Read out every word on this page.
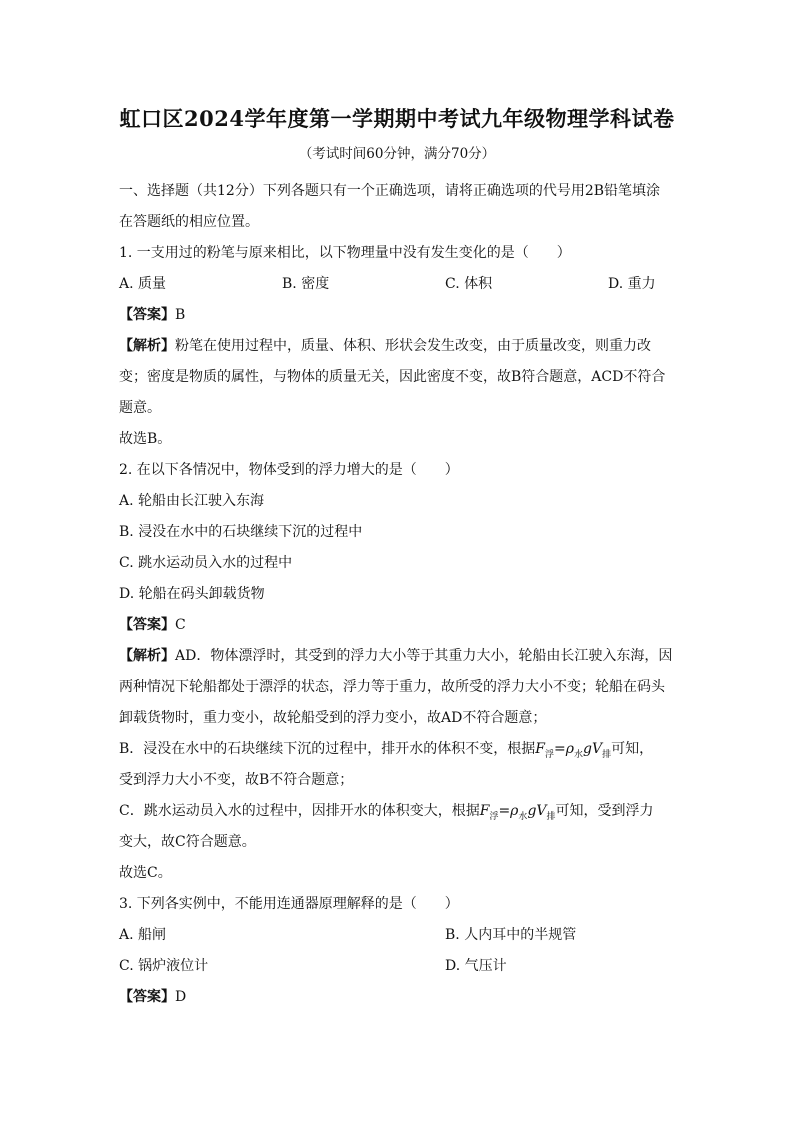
虹口区2024学年度第一学期期中考试九年级物理学科试卷
（考试时间60分钟，满分70分）
一、选择题（共12分）下列各题只有一个正确选项，请将正确选项的代号用2B铅笔填涂
在答题纸的相应位置。
1. 一支用过的粉笔与原来相比，以下物理量中没有发生变化的是（　　）
A. 质量	B. 密度	C. 体积	D. 重力
【答案】B
【解析】粉笔在使用过程中，质量、体积、形状会发生改变，由于质量改变，则重力改
变；密度是物质的属性，与物体的质量无关，因此密度不变，故B符合题意，ACD不符合
题意。
故选B。
2. 在以下各情况中，物体受到的浮力增大的是（　　）
A. 轮船由长江驶入东海
B. 浸没在水中的石块继续下沉的过程中
C. 跳水运动员入水的过程中
D. 轮船在码头卸载货物
【答案】C
【解析】AD．物体漂浮时，其受到的浮力大小等于其重力大小，轮船由长江驶入东海，因
两种情况下轮船都处于漂浮的状态，浮力等于重力，故所受的浮力大小不变；轮船在码头
卸载货物时，重力变小，故轮船受到的浮力变小，故AD不符合题意；
B．浸没在水中的石块继续下沉的过程中，排开水的体积不变，根据$F_浮=\rho_水gV_排$可知，
受到浮力大小不变，故B不符合题意；
C．跳水运动员入水的过程中，因排开水的体积变大，根据$F_浮=\rho_水gV_排$可知，受到浮力
变大，故C符合题意。
故选C。
3. 下列各实例中，不能用连通器原理解释的是（　　）
A. 船闸	B. 人内耳中的半规管
C. 锅炉液位计	D. 气压计
【答案】D
